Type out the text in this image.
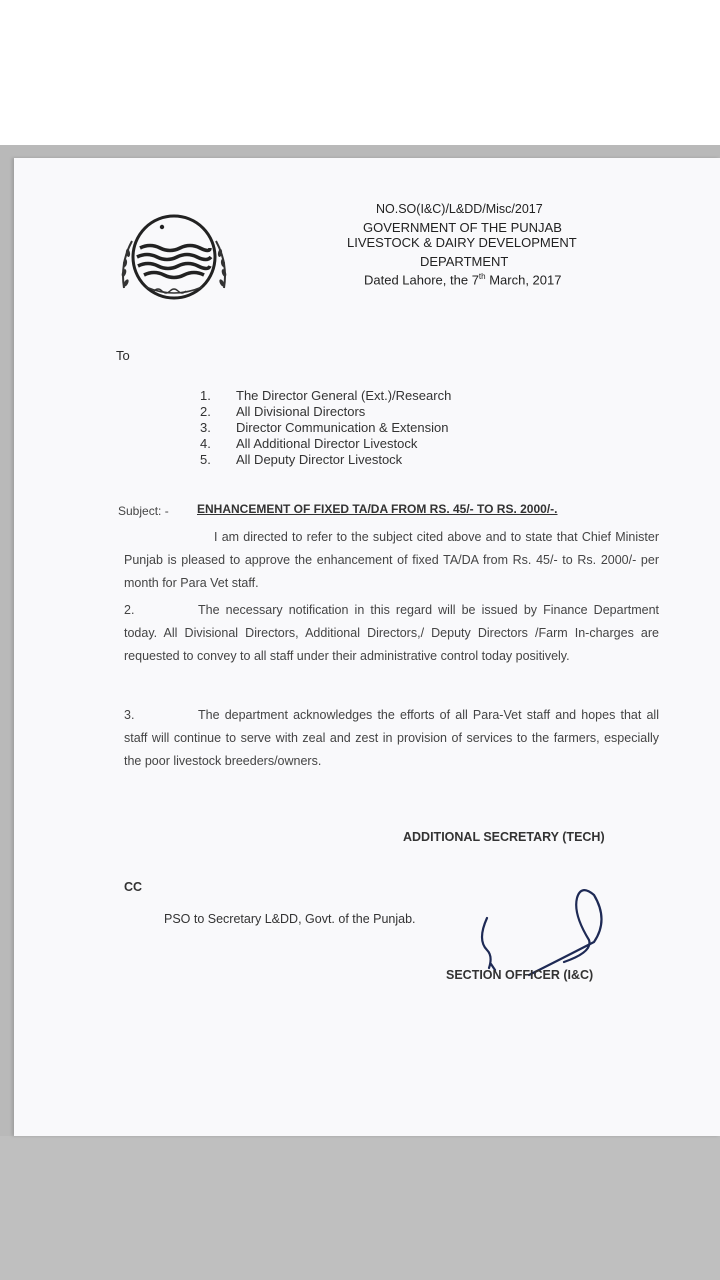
NO.SO(I&C)/L&DD/Misc/2017
GOVERNMENT OF THE PUNJAB
LIVESTOCK & DAIRY DEVELOPMENT
DEPARTMENT
Dated Lahore, the 7th March, 2017
To
1.	The Director General (Ext.)/Research
2.	All Divisional Directors
3.	Director Communication & Extension
4.	All Additional Director Livestock
5.	All Deputy Director Livestock
Subject: - ENHANCEMENT OF FIXED TA/DA FROM RS. 45/- TO RS. 2000/-.
I am directed to refer to the subject cited above and to state that Chief Minister Punjab is pleased to approve the enhancement of fixed TA/DA from Rs. 45/- to Rs. 2000/- per month for Para Vet staff.
2.	The necessary notification in this regard will be issued by Finance Department today. All Divisional Directors, Additional Directors,/ Deputy Directors /Farm In-charges are requested to convey to all staff under their administrative control today positively.
3.	The department acknowledges the efforts of all Para-Vet staff and hopes that all staff will continue to serve with zeal and zest in provision of services to the farmers, especially the poor livestock breeders/owners.
ADDITIONAL SECRETARY (TECH)
CC
PSO to Secretary L&DD, Govt. of the Punjab.
SECTION OFFICER (I&C)
